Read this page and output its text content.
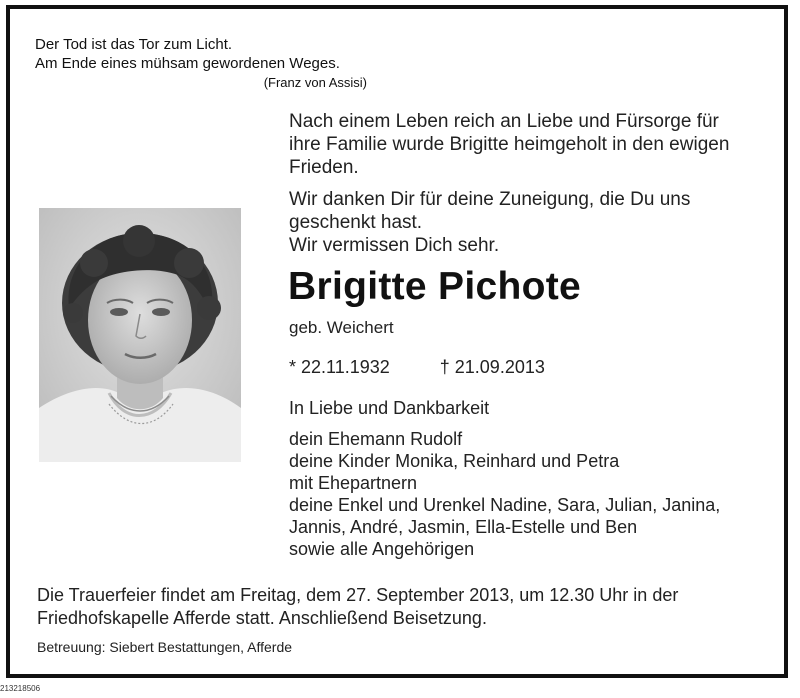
Der Tod ist das Tor zum Licht.
Am Ende eines mühsam gewordenen Weges.
(Franz von Assisi)

Nach einem Leben reich an Liebe und Fürsorge für
ihre Familie wurde Brigitte heimgeholt in den ewigen
Frieden.

Wir danken Dir für deine Zuneigung, die Du uns
geschenkt hast.
Wir vermissen Dich sehr.

Brigitte Pichote
geb. Weichert
* 22.11.1932	† 21.09.2013
In Liebe und Dankbarkeit
dein Ehemann Rudolf
deine Kinder Monika, Reinhard und Petra
mit Ehepartnern
deine Enkel und Urenkel Nadine, Sara, Julian, Janina,
Jannis, André, Jasmin, Ella-Estelle und Ben
sowie alle Angehörigen
Die Trauerfeier findet am Freitag, dem 27. September 2013, um 12.30 Uhr in der
Friedhofskapelle Afferde statt. Anschließend Beisetzung.
Betreuung: Siebert Bestattungen, Afferde
213218506
